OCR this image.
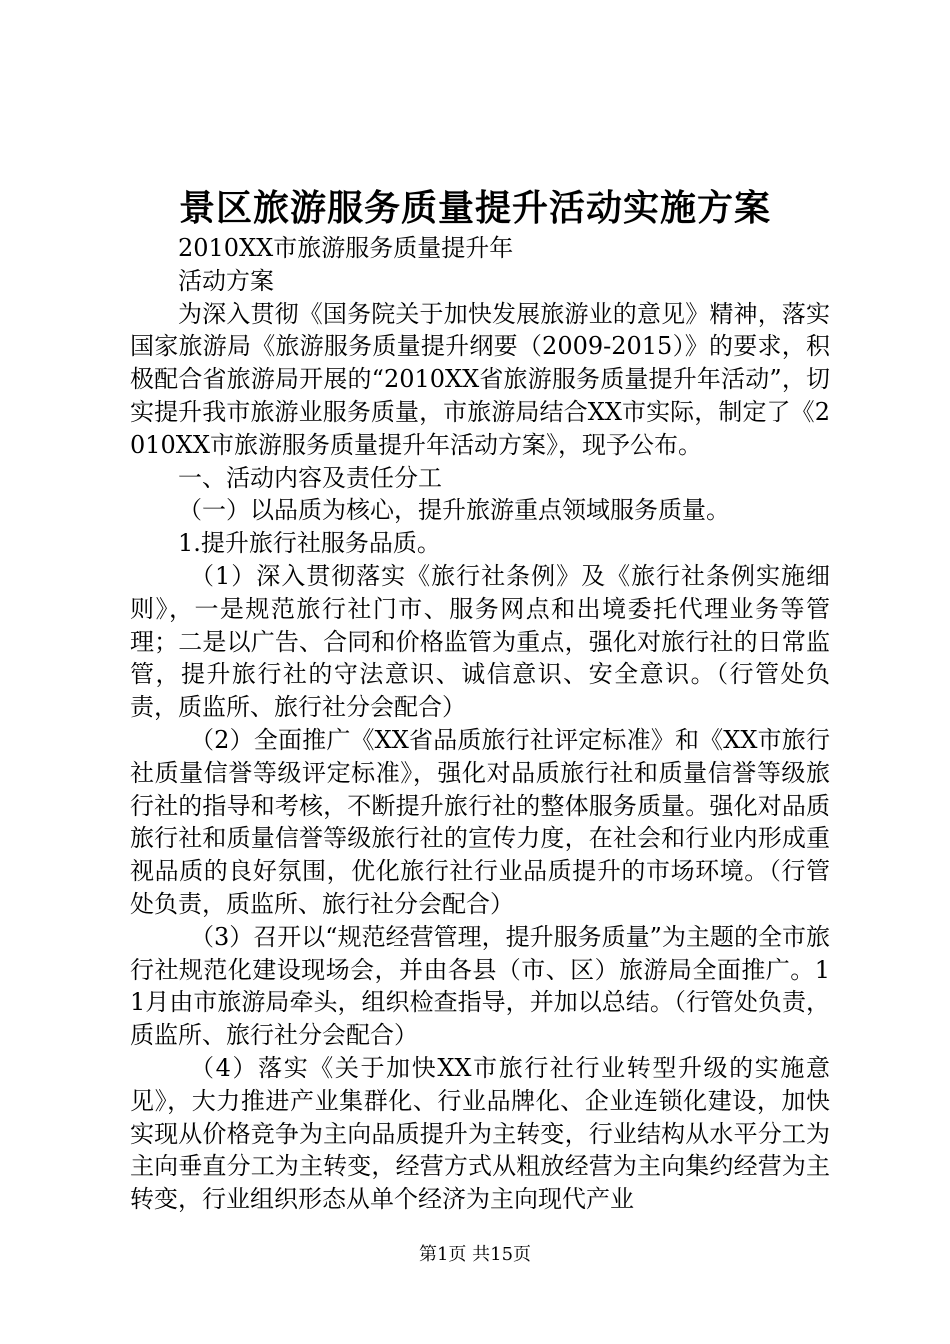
景区旅游服务质量提升活动实施方案

2010XX市旅游服务质量提升年

活动方案

为深入贯彻《国务院关于加快发展旅游业的意见》精神，落实国家旅游局《旅游服务质量提升纲要（2009-2015）》的要求，积极配合省旅游局开展的“2010XX省旅游服务质量提升年活动”，切实提升我市旅游业服务质量，市旅游局结合XX市实际，制定了《2010XX市旅游服务质量提升年活动方案》，现予公布。

一、活动内容及责任分工

（一）以品质为核心，提升旅游重点领域服务质量。

1.提升旅行社服务品质。

（1）深入贯彻落实《旅行社条例》及《旅行社条例实施细则》，一是规范旅行社门市、服务网点和出境委托代理业务等管理；二是以广告、合同和价格监管为重点，强化对旅行社的日常监管，提升旅行社的守法意识、诚信意识、安全意识。（行管处负责，质监所、旅行社分会配合）

（2）全面推广《XX省品质旅行社评定标准》和《XX市旅行社质量信誉等级评定标准》，强化对品质旅行社和质量信誉等级旅行社的指导和考核，不断提升旅行社的整体服务质量。强化对品质旅行社和质量信誉等级旅行社的宣传力度，在社会和行业内形成重视品质的良好氛围，优化旅行社行业品质提升的市场环境。（行管处负责，质监所、旅行社分会配合）

（3）召开以“规范经营管理，提升服务质量”为主题的全市旅行社规范化建设现场会，并由各县（市、区）旅游局全面推广。11月由市旅游局牵头，组织检查指导，并加以总结。（行管处负责，质监所、旅行社分会配合）

（4）落实《关于加快XX市旅行社行业转型升级的实施意见》，大力推进产业集群化、行业品牌化、企业连锁化建设，加快实现从价格竞争为主向品质提升为主转变，行业结构从水平分工为主向垂直分工为主转变，经营方式从粗放经营为主向集约经营为主转变，行业组织形态从单个经济为主向现代产业

第1页 共15页
